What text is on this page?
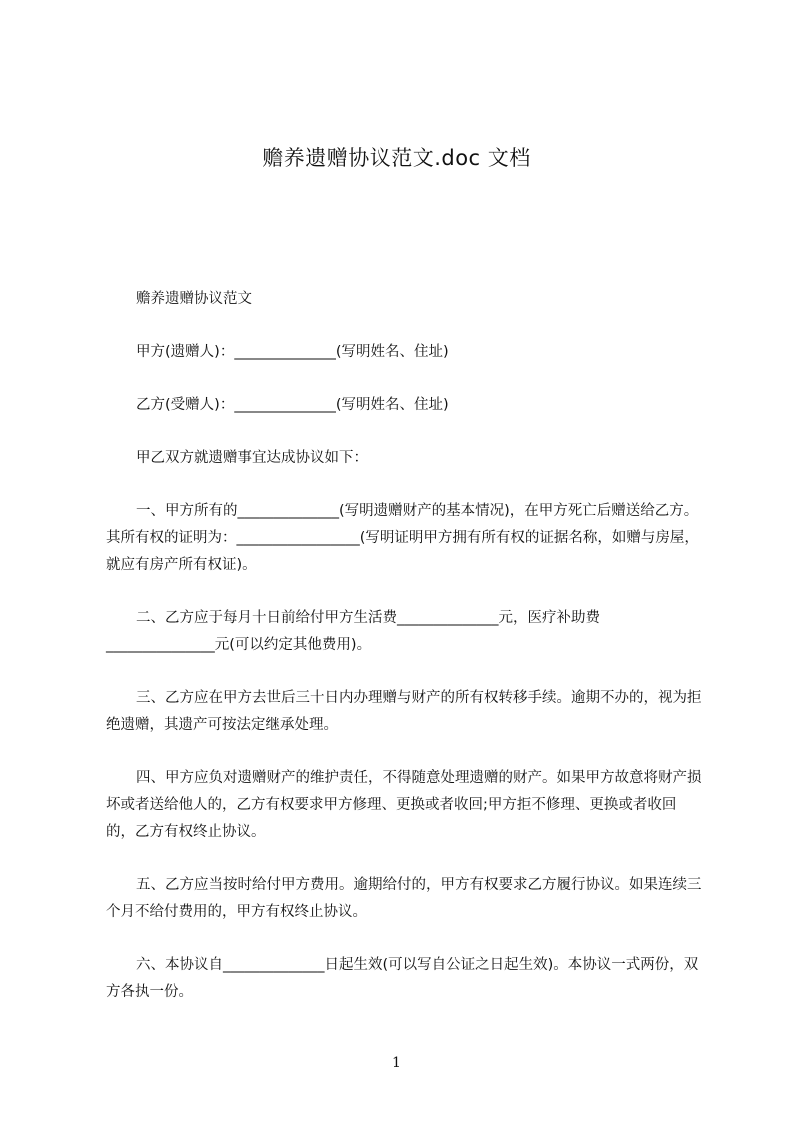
赡养遗赠协议范文.doc 文档

赡养遗赠协议范文

甲方(遗赠人)：______________(写明姓名、住址)

乙方(受赠人)：______________(写明姓名、住址)

甲乙双方就遗赠事宜达成协议如下：

一、甲方所有的______________(写明遗赠财产的基本情况)，在甲方死亡后赠送给乙方。其所有权的证明为：_________________(写明证明甲方拥有所有权的证据名称，如赠与房屋，就应有房产所有权证)。

二、乙方应于每月十日前给付甲方生活费______________元，医疗补助费_______________元(可以约定其他费用)。

三、乙方应在甲方去世后三十日内办理赠与财产的所有权转移手续。逾期不办的，视为拒绝遗赠，其遗产可按法定继承处理。

四、甲方应负对遗赠财产的维护责任，不得随意处理遗赠的财产。如果甲方故意将财产损坏或者送给他人的，乙方有权要求甲方修理、更换或者收回;甲方拒不修理、更换或者收回的，乙方有权终止协议。

五、乙方应当按时给付甲方费用。逾期给付的，甲方有权要求乙方履行协议。如果连续三个月不给付费用的，甲方有权终止协议。

六、本协议自______________日起生效(可以写自公证之日起生效)。本协议一式两份，双方各执一份。

1
